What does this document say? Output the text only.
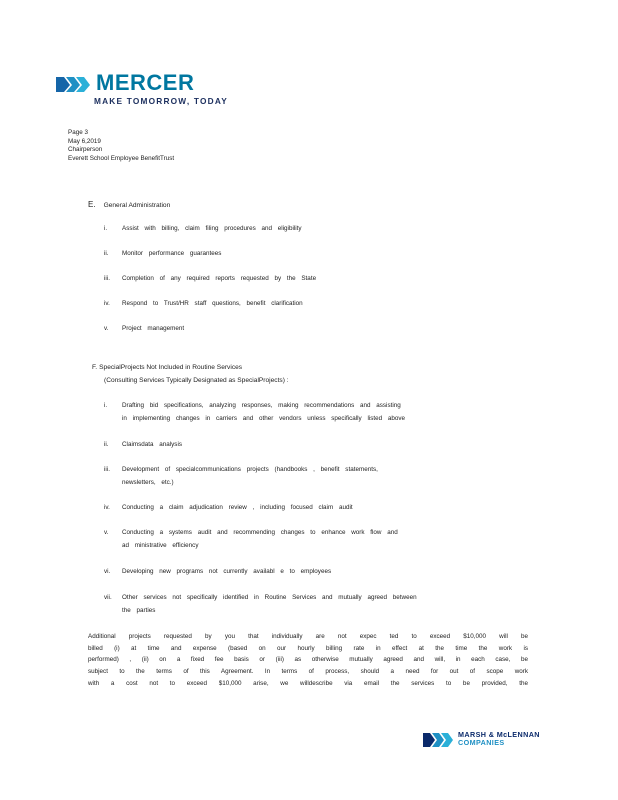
MERCER
MAKE TOMORROW, TODAY
Page 3
May 6,2019
Chairperson
Everett School Employee BenefitTrust
E. General Administration
i.	Assist with billing, claim filing procedures and eligibility
ii.	Monitor performance guarantees
iii.	Completion of any required reports requested by the State
iv.	Respond to Trust/HR staff questions, benefit clarification
v.	Project management
F. SpecialProjects Not Included in Routine Services
(Consulting Services Typically Designated as SpecialProjects) :
i.	Drafting bid specifications, analyzing responses, making recommendations and assisting
in implementing changes in carriers and other vendors unless specifically listed above
ii.	Claimsdata analysis
iii.	Development of specialcommunications projects (handbooks , benefit statements,
newsletters, etc.)
iv.	Conducting a claim adjudication review , including focused claim audit
v.	Conducting a systems audit and recommending changes to enhance work flow and
ad ministrative efficiency
vi.	Developing new programs not currently availabl e to employees
vii.	Other services not specifically identified in Routine Services and mutually agreed between
the parties
Additional projects requested by you that individually are not expec ted to exceed $10,000 will be
billed (i) at time and expense (based on our hourly billing rate in effect at the time the work is
performed) , (ii) on a fixed fee basis or (iii) as otherwise mutually agreed and will, in each case, be
subject to the terms of this Agreement. In terms of process, should a need for out of scope work
with a cost not to exceed $10,000 arise, we willdescribe via email the services to be provided, the
MARSH & McLENNAN
COMPANIES
